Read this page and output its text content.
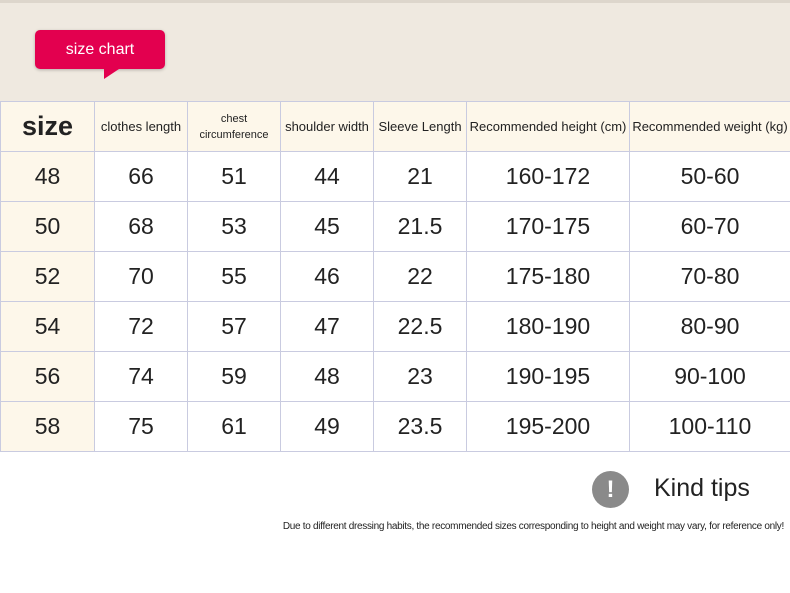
size chart
size	clothes length	chest circumference	shoulder width	Sleeve Length	Recommended height (cm)	Recommended weight (kg)
48	66	51	44	21	160-172	50-60
50	68	53	45	21.5	170-175	60-70
52	70	55	46	22	175-180	70-80
54	72	57	47	22.5	180-190	80-90
56	74	59	48	23	190-195	90-100
58	75	61	49	23.5	195-200	100-110
!	Kind tips
Due to different dressing habits, the recommended sizes corresponding to height and weight may vary, for reference only!
